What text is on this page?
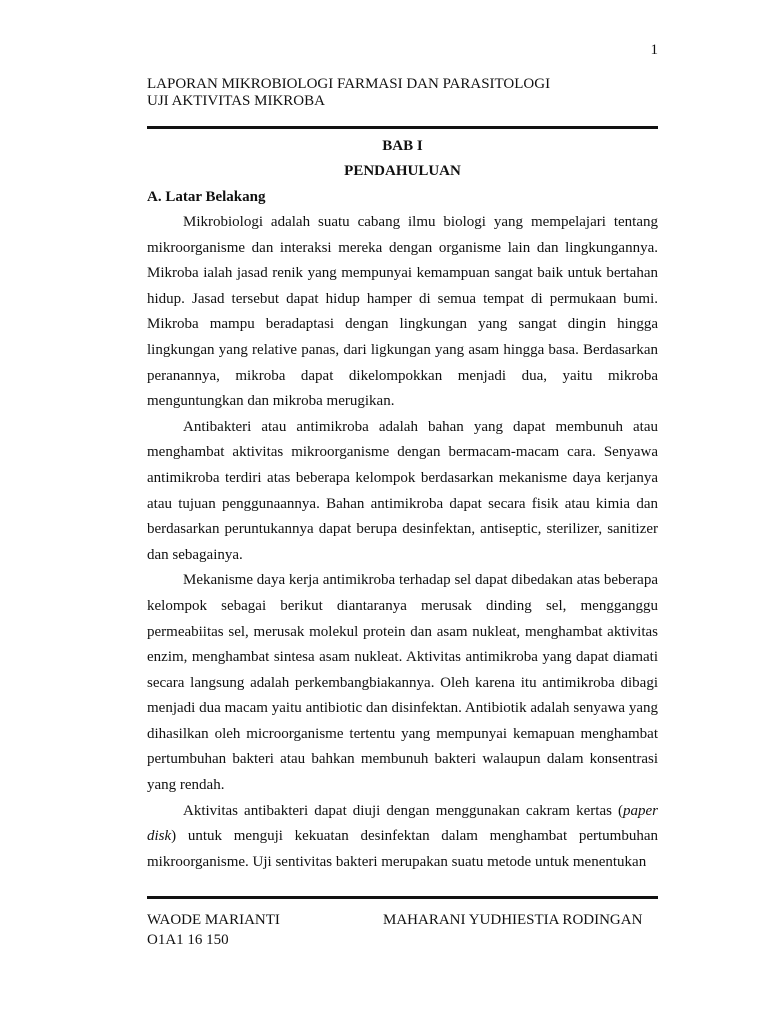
1
LAPORAN MIKROBIOLOGI FARMASI DAN PARASITOLOGI
UJI AKTIVITAS MIKROBA
BAB I
PENDAHULUAN
A. Latar Belakang

Mikrobiologi adalah suatu cabang ilmu biologi yang mempelajari tentang mikroorganisme dan interaksi mereka dengan organisme lain dan lingkungannya. Mikroba ialah jasad renik yang mempunyai kemampuan sangat baik untuk bertahan hidup. Jasad tersebut dapat hidup hamper di semua tempat di permukaan bumi. Mikroba mampu beradaptasi dengan lingkungan yang sangat dingin hingga lingkungan yang relative panas, dari ligkungan yang asam hingga basa. Berdasarkan peranannya, mikroba dapat dikelompokkan menjadi dua, yaitu mikroba menguntungkan dan mikroba merugikan.

Antibakteri atau antimikroba adalah bahan yang dapat membunuh atau menghambat aktivitas mikroorganisme dengan bermacam-macam cara. Senyawa antimikroba terdiri atas beberapa kelompok berdasarkan mekanisme daya kerjanya atau tujuan penggunaannya. Bahan antimikroba dapat secara fisik atau kimia dan berdasarkan peruntukannya dapat berupa desinfektan, antiseptic, sterilizer, sanitizer dan sebagainya.

Mekanisme daya kerja antimikroba terhadap sel dapat dibedakan atas beberapa kelompok sebagai berikut diantaranya merusak dinding sel, mengganggu permeabiitas sel, merusak molekul protein dan asam nukleat, menghambat aktivitas enzim, menghambat sintesa asam nukleat. Aktivitas antimikroba yang dapat diamati secara langsung adalah perkembangbiakannya. Oleh karena itu antimikroba dibagi menjadi dua macam yaitu antibiotic dan disinfektan. Antibiotik adalah senyawa yang dihasilkan oleh microorganisme tertentu yang mempunyai kemapuan menghambat pertumbuhan bakteri atau bahkan membunuh bakteri walaupun dalam konsentrasi yang rendah.

Aktivitas antibakteri dapat diuji dengan menggunakan cakram kertas (paper disk) untuk menguji kekuatan desinfektan dalam menghambat pertumbuhan mikroorganisme. Uji sentivitas bakteri merupakan suatu metode untuk menentukan

WAODE MARIANTI
O1A1 16 150
MAHARANI YUDHIESTIA RODINGAN
